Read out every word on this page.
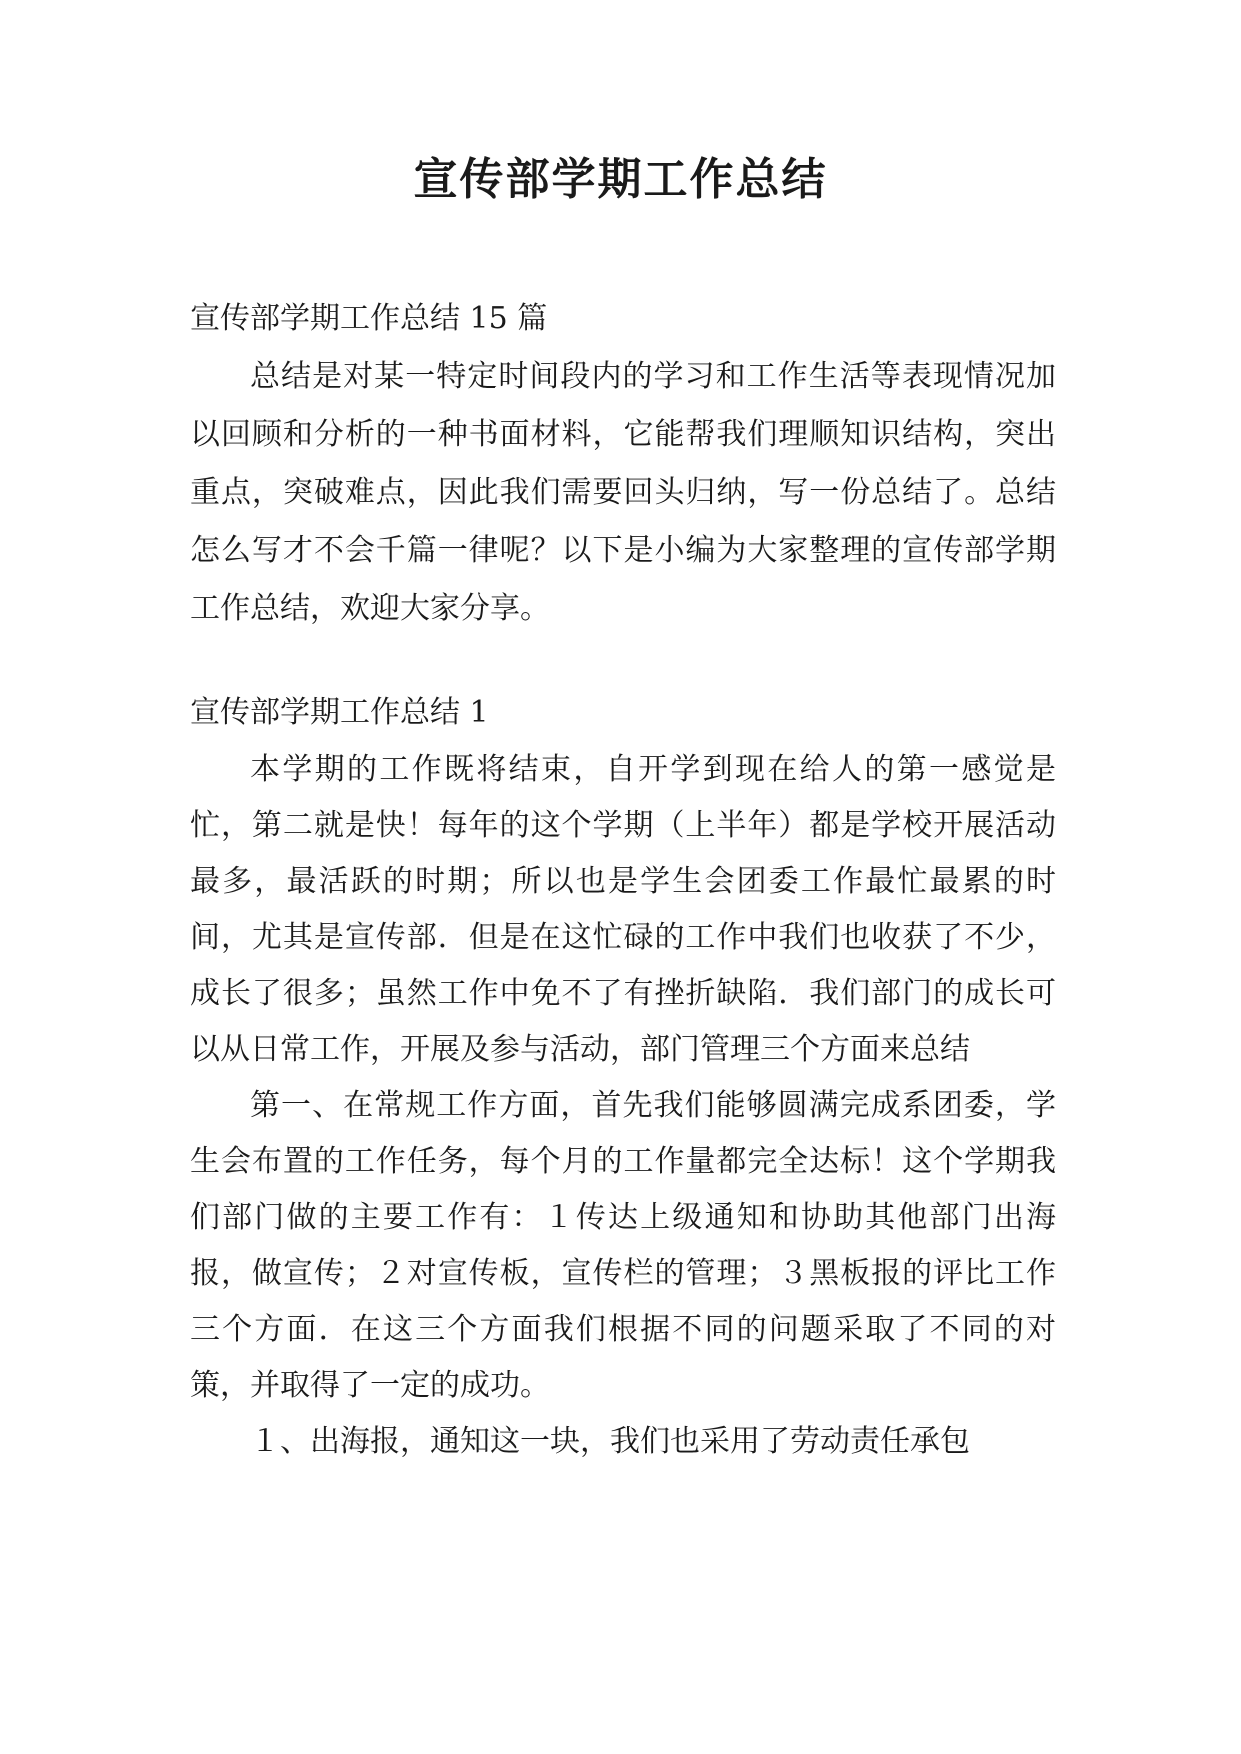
宣传部学期工作总结

宣传部学期工作总结 15 篇

总结是对某一特定时间段内的学习和工作生活等表现情况加以回顾和分析的一种书面材料，它能帮我们理顺知识结构，突出重点，突破难点，因此我们需要回头归纳，写一份总结了。总结怎么写才不会千篇一律呢？以下是小编为大家整理的宣传部学期工作总结，欢迎大家分享。

宣传部学期工作总结 1

本学期的工作既将结束，自开学到现在给人的第一感觉是忙，第二就是快！每年的这个学期（上半年）都是学校开展活动最多，最活跃的时期；所以也是学生会团委工作最忙最累的时间，尤其是宣传部．但是在这忙碌的工作中我们也收获了不少，成长了很多；虽然工作中免不了有挫折缺陷．我们部门的成长可以从日常工作，开展及参与活动，部门管理三个方面来总结

第一、在常规工作方面，首先我们能够圆满完成系团委，学生会布置的工作任务，每个月的工作量都完全达标！这个学期我们部门做的主要工作有：１传达上级通知和协助其他部门出海报，做宣传；２对宣传板，宣传栏的管理；３黑板报的评比工作三个方面．在这三个方面我们根据不同的问题采取了不同的对策，并取得了一定的成功。

１、出海报，通知这一块，我们也采用了劳动责任承包
